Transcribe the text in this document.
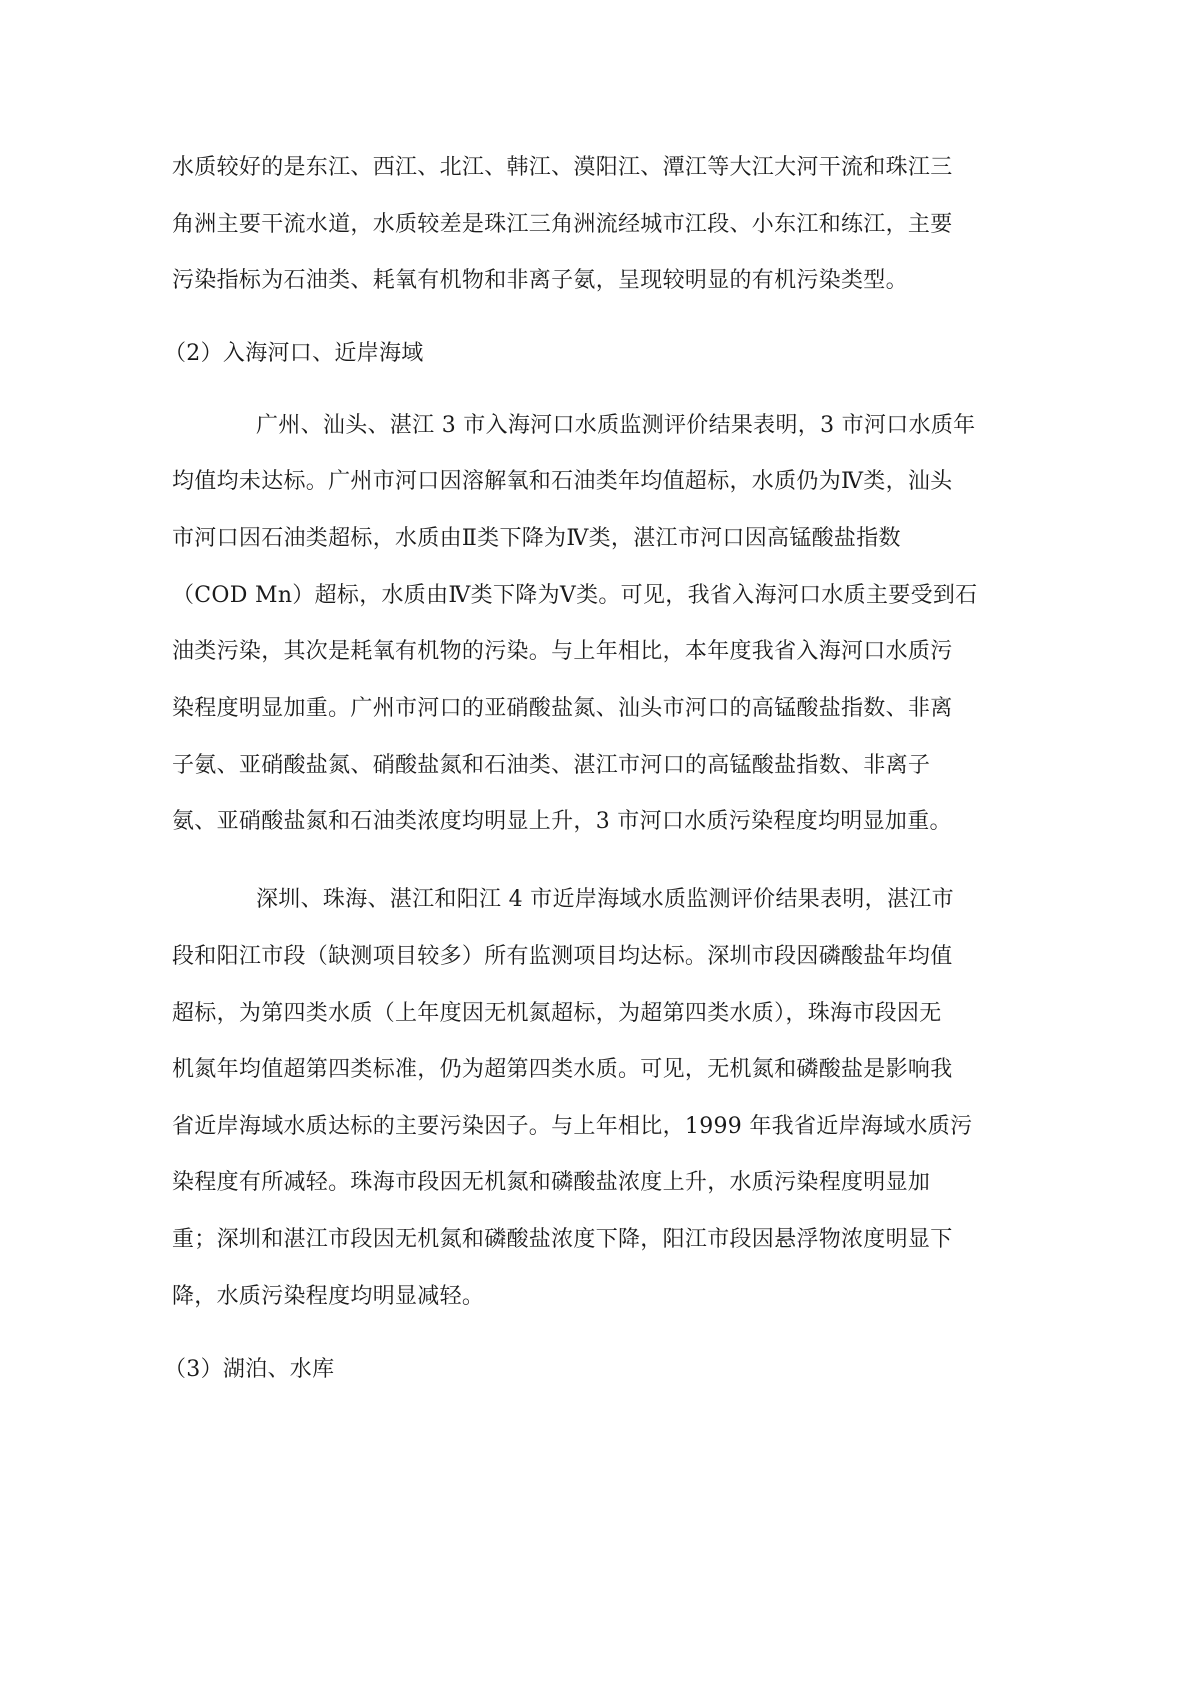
水质较好的是东江、西江、北江、韩江、漠阳江、潭江等大江大河干流和珠江三
角洲主要干流水道，水质较差是珠江三角洲流经城市江段、小东江和练江，主要
污染指标为石油类、耗氧有机物和非离子氨，呈现较明显的有机污染类型。
（2）入海河口、近岸海域
广州、汕头、湛江 3 市入海河口水质监测评价结果表明，3 市河口水质年
均值均未达标。广州市河口因溶解氧和石油类年均值超标，水质仍为Ⅳ类，汕头
市河口因石油类超标，水质由Ⅱ类下降为Ⅳ类，湛江市河口因高锰酸盐指数
（COD Mn）超标，水质由Ⅳ类下降为Ⅴ类。可见，我省入海河口水质主要受到石
油类污染，其次是耗氧有机物的污染。与上年相比，本年度我省入海河口水质污
染程度明显加重。广州市河口的亚硝酸盐氮、汕头市河口的高锰酸盐指数、非离
子氨、亚硝酸盐氮、硝酸盐氮和石油类、湛江市河口的高锰酸盐指数、非离子
氨、亚硝酸盐氮和石油类浓度均明显上升，3 市河口水质污染程度均明显加重。
深圳、珠海、湛江和阳江 4 市近岸海域水质监测评价结果表明，湛江市
段和阳江市段（缺测项目较多）所有监测项目均达标。深圳市段因磷酸盐年均值
超标，为第四类水质（上年度因无机氮超标，为超第四类水质），珠海市段因无
机氮年均值超第四类标准，仍为超第四类水质。可见，无机氮和磷酸盐是影响我
省近岸海域水质达标的主要污染因子。与上年相比，1999 年我省近岸海域水质污
染程度有所减轻。珠海市段因无机氮和磷酸盐浓度上升，水质污染程度明显加
重；深圳和湛江市段因无机氮和磷酸盐浓度下降，阳江市段因悬浮物浓度明显下
降，水质污染程度均明显减轻。
（3）湖泊、水库
